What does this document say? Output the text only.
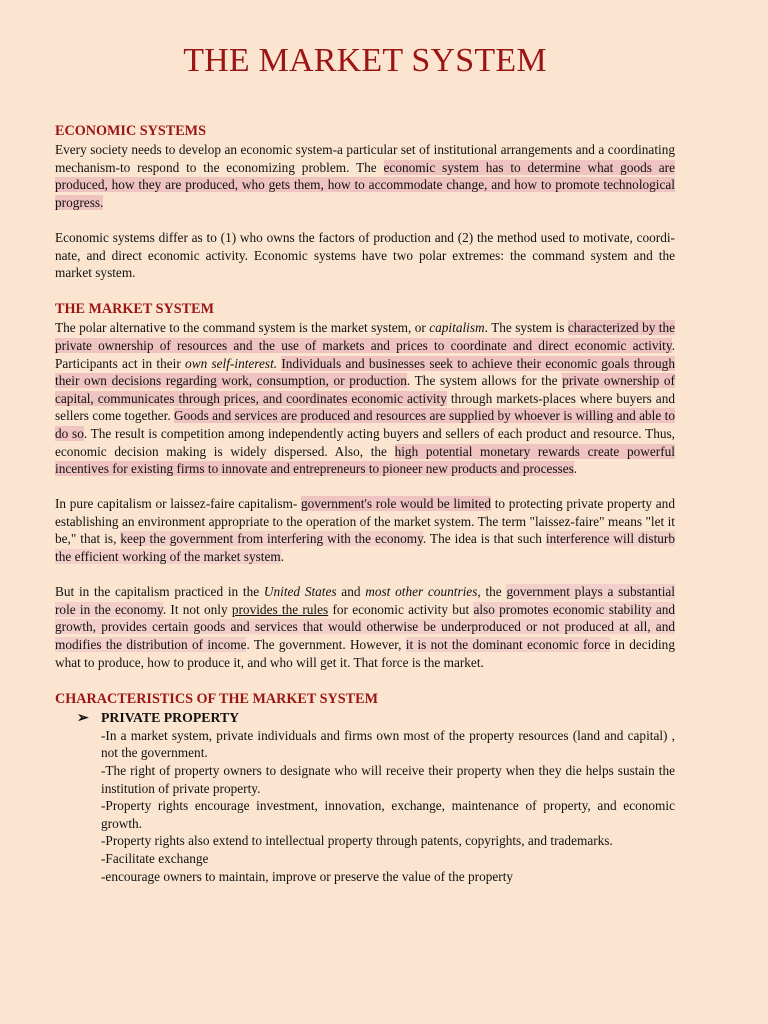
THE MARKET SYSTEM
ECONOMIC SYSTEMS

Every society needs to develop an economic system-a particular set of institutional arrangements and a coordinating mechanism-to respond to the economizing problem. The economic system has to determine what goods are produced, how they are produced, who gets them, how to accommodate change, and how to promote technological progress.

Economic systems differ as to (1) who owns the factors of production and (2) the method used to motivate, coordi- nate, and direct economic activity. Economic systems have two polar extremes: the command system and the market system.

THE MARKET SYSTEM

The polar alternative to the command system is the market system, or capitalism. The system is characterized by the private ownership of resources and the use of markets and prices to coordinate and direct economic activity. Participants act in their own self-interest. Individuals and businesses seek to achieve their economic goals through their own decisions regarding work, consumption, or production. The system allows for the private ownership of capital, communicates through prices, and coordinates economic activity through markets-places where buyers and sellers come together. Goods and services are produced and resources are supplied by whoever is willing and able to do so. The result is competition among independently acting buyers and sellers of each product and resource. Thus, economic decision making is widely dispersed. Also, the high potential monetary rewards create powerful incentives for existing firms to innovate and entrepreneurs to pioneer new products and processes.

In pure capitalism or laissez-faire capitalism- government's role would be limited to protecting private property and establishing an environment appropriate to the operation of the market system. The term "laissez-faire" means "let it be," that is, keep the government from interfering with the economy. The idea is that such interference will disturb the efficient working of the market system.

But in the capitalism practiced in the United States and most other countries, the government plays a substantial role in the economy. It not only provides the rules for economic activity but also promotes economic stability and growth, provides certain goods and services that would otherwise be underproduced or not produced at all, and modifies the distribution of income. The government. However, it is not the dominant economic force in deciding what to produce, how to produce it, and who will get it. That force is the market.

CHARACTERISTICS OF THE MARKET SYSTEM
➢ PRIVATE PROPERTY

-In a market system, private individuals and firms own most of the property resources (land and capital) , not the government.

-The right of property owners to designate who will receive their property when they die helps sustain the institution of private property.

-Property rights encourage investment, innovation, exchange, maintenance of property, and economic growth.

-Property rights also extend to intellectual property through patents, copyrights, and trademarks.

-Facilitate exchange

-encourage owners to maintain, improve or preserve the value of the property
